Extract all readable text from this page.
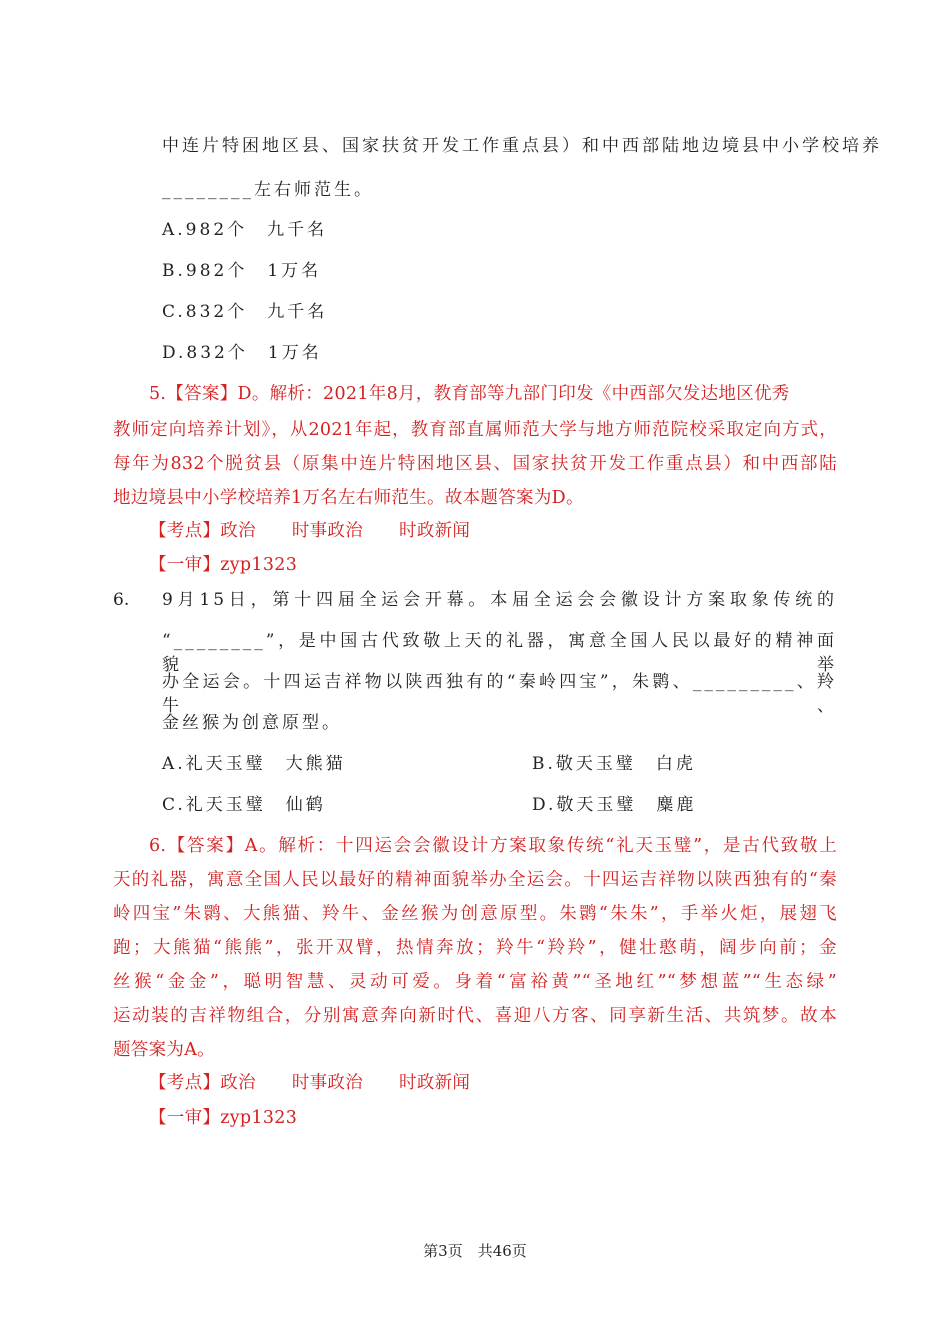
中连片特困地区县、国家扶贫开发工作重点县）和中西部陆地边境县中小学校培养
________左右师范生。
A.982个　九千名
B.982个　1万名
C.832个　九千名
D.832个　1万名
5.【答案】D。解析：2021年8月，教育部等九部门印发《中西部欠发达地区优秀
教师定向培养计划》，从2021年起，教育部直属师范大学与地方师范院校采取定向方式，
每年为832个脱贫县（原集中连片特困地区县、国家扶贫开发工作重点县）和中西部陆
地边境县中小学校培养1万名左右师范生。故本题答案为D。
【考点】政治 时事政治 时政新闻
【一审】zyp1323
6. 9月15日，第十四届全运会开幕。本届全运会会徽设计方案取象传统的
“________”，是中国古代致敬上天的礼器，寓意全国人民以最好的精神面貌举
办全运会。十四运吉祥物以陕西独有的“秦岭四宝”，朱鹮、_________、羚牛、
金丝猴为创意原型。
A.礼天玉璧　大熊猫	B.敬天玉璧　白虎
C.礼天玉璧　仙鹤	D.敬天玉璧　麋鹿
6.【答案】A。解析：十四运会会徽设计方案取象传统“礼天玉璧”，是古代致敬上
天的礼器，寓意全国人民以最好的精神面貌举办全运会。十四运吉祥物以陕西独有的“秦
岭四宝”朱鹮、大熊猫、羚牛、金丝猴为创意原型。朱鹮“朱朱”，手举火炬，展翅飞
跑；大熊猫“熊熊”，张开双臂，热情奔放；羚牛“羚羚”，健壮憨萌，阔步向前；金
丝猴“金金”，聪明智慧、灵动可爱。身着“富裕黄”“圣地红”“梦想蓝”“生态绿”
运动装的吉祥物组合，分别寓意奔向新时代、喜迎八方客、同享新生活、共筑梦。故本
题答案为A。
【考点】政治 时事政治 时政新闻
【一审】zyp1323
第3页　共46页
